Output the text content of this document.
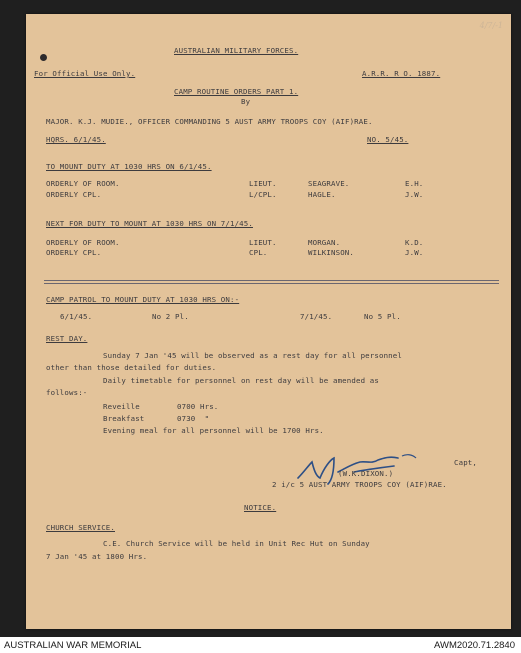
4/7/-1
AUSTRALIAN MILITARY FORCES.
For Official Use Only.	A.R.R. R O. 1887.
CAMP ROUTINE ORDERS PART 1.
By
MAJOR. K.J. MUDIE., OFFICER COMMANDING 5 AUST ARMY TROOPS COY (AIF)RAE.
HQRS. 6/1/45.	NO. 5/45.
TO MOUNT DUTY AT 1030 HRS ON 6/1/45.
ORDERLY OF ROOM.	LIEUT.	SEAGRAVE.	E.H.
ORDERLY CPL.	L/CPL.	HAGLE.	J.W.
NEXT FOR DUTY TO MOUNT AT 1030 HRS ON 7/1/45.
ORDERLY OF ROOM.	LIEUT.	MORGAN.	K.D.
ORDERLY CPL.	CPL.	WILKINSON.	J.W.
CAMP PATROL TO MOUNT DUTY AT 1030 HRS ON:-
6/1/45.	No 2 Pl.	7/1/45.	No 5 Pl.
REST DAY.
Sunday 7 Jan '45 will be observed as a rest day for all personnel
other than those detailed for duties.
Daily timetable for personnel on rest day will be amended as
follows:-
Reveille	0700 Hrs.
Breakfast	0730  "
Evening meal for all personnel will be 1700 Hrs.
Capt,
(W.K.DIXON.)
2 i/c 5 AUST ARMY TROOPS COY (AIF)RAE.
NOTICE.
CHURCH SERVICE.
C.E. Church Service will be held in Unit Rec Hut on Sunday
7 Jan '45 at 1800 Hrs.
AUSTRALIAN WAR MEMORIAL	AWM2020.71.2840
